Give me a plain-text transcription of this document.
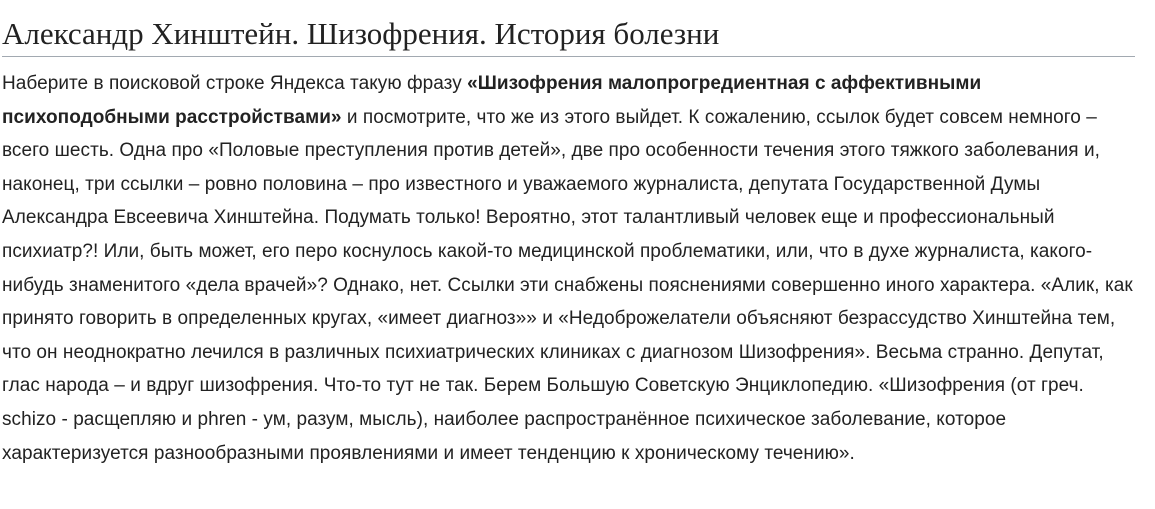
Александр Хинштейн. Шизофрения. История болезни

Наберите в поисковой строке Яндекса такую фразу «Шизофрения малопрогредиентная с аффективными психоподобными расстройствами» и посмотрите, что же из этого выйдет. К сожалению, ссылок будет совсем немного – всего шесть. Одна про «Половые преступления против детей», две про особенности течения этого тяжкого заболевания и, наконец, три ссылки – ровно половина – про известного и уважаемого журналиста, депутата Государственной Думы Александра Евсеевича Хинштейна. Подумать только! Вероятно, этот талантливый человек еще и профессиональный психиатр?! Или, быть может, его перо коснулось какой-то медицинской проблематики, или, что в духе журналиста, какого-нибудь знаменитого «дела врачей»? Однако, нет. Ссылки эти снабжены пояснениями совершенно иного характера. «Алик, как принято говорить в определенных кругах, «имеет диагноз»» и «Недоброжелатели объясняют безрассудство Хинштейна тем, что он неоднократно лечился в различных психиатрических клиниках с диагнозом Шизофрения». Весьма странно. Депутат, глас народа – и вдруг шизофрения. Что-то тут не так. Берем Большую Советскую Энциклопедию. «Шизофрения (от греч. schizo - расщепляю и phren - ум, разум, мысль), наиболее распространённое психическое заболевание, которое характеризуется разнообразными проявлениями и имеет тенденцию к хроническому течению».
